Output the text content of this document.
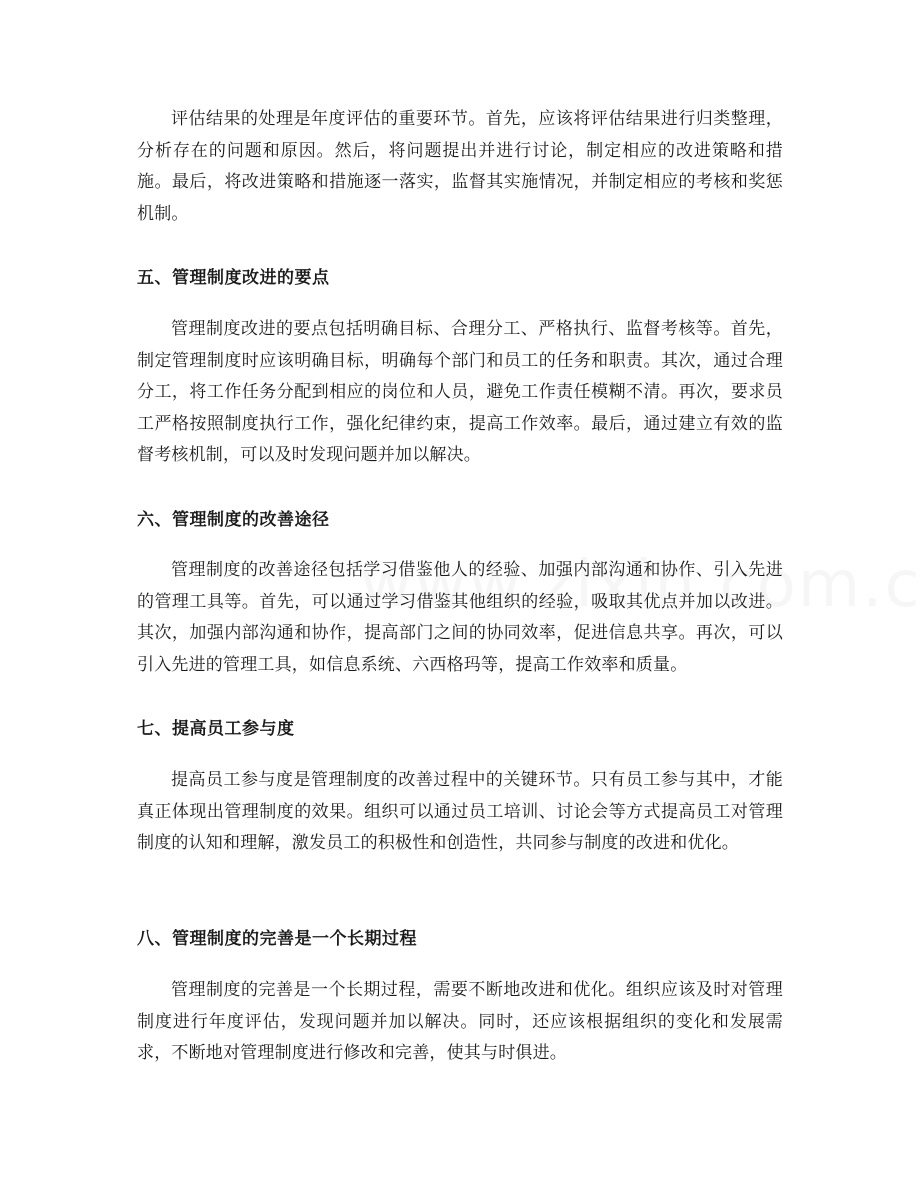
评估结果的处理是年度评估的重要环节。首先，应该将评估结果进行归类整理，分析存在的问题和原因。然后，将问题提出并进行讨论，制定相应的改进策略和措施。最后，将改进策略和措施逐一落实，监督其实施情况，并制定相应的考核和奖惩机制。

五、管理制度改进的要点

管理制度改进的要点包括明确目标、合理分工、严格执行、监督考核等。首先，制定管理制度时应该明确目标，明确每个部门和员工的任务和职责。其次，通过合理分工，将工作任务分配到相应的岗位和人员，避免工作责任模糊不清。再次，要求员工严格按照制度执行工作，强化纪律约束，提高工作效率。最后，通过建立有效的监督考核机制，可以及时发现问题并加以解决。

六、管理制度的改善途径

管理制度的改善途径包括学习借鉴他人的经验、加强内部沟通和协作、引入先进的管理工具等。首先，可以通过学习借鉴其他组织的经验，吸取其优点并加以改进。其次，加强内部沟通和协作，提高部门之间的协同效率，促进信息共享。再次，可以引入先进的管理工具，如信息系统、六西格玛等，提高工作效率和质量。

七、提高员工参与度

提高员工参与度是管理制度的改善过程中的关键环节。只有员工参与其中，才能真正体现出管理制度的效果。组织可以通过员工培训、讨论会等方式提高员工对管理制度的认知和理解，激发员工的积极性和创造性，共同参与制度的改进和优化。

八、管理制度的完善是一个长期过程

管理制度的完善是一个长期过程，需要不断地改进和优化。组织应该及时对管理制度进行年度评估，发现问题并加以解决。同时，还应该根据组织的变化和发展需求，不断地对管理制度进行修改和完善，使其与时俱进。
